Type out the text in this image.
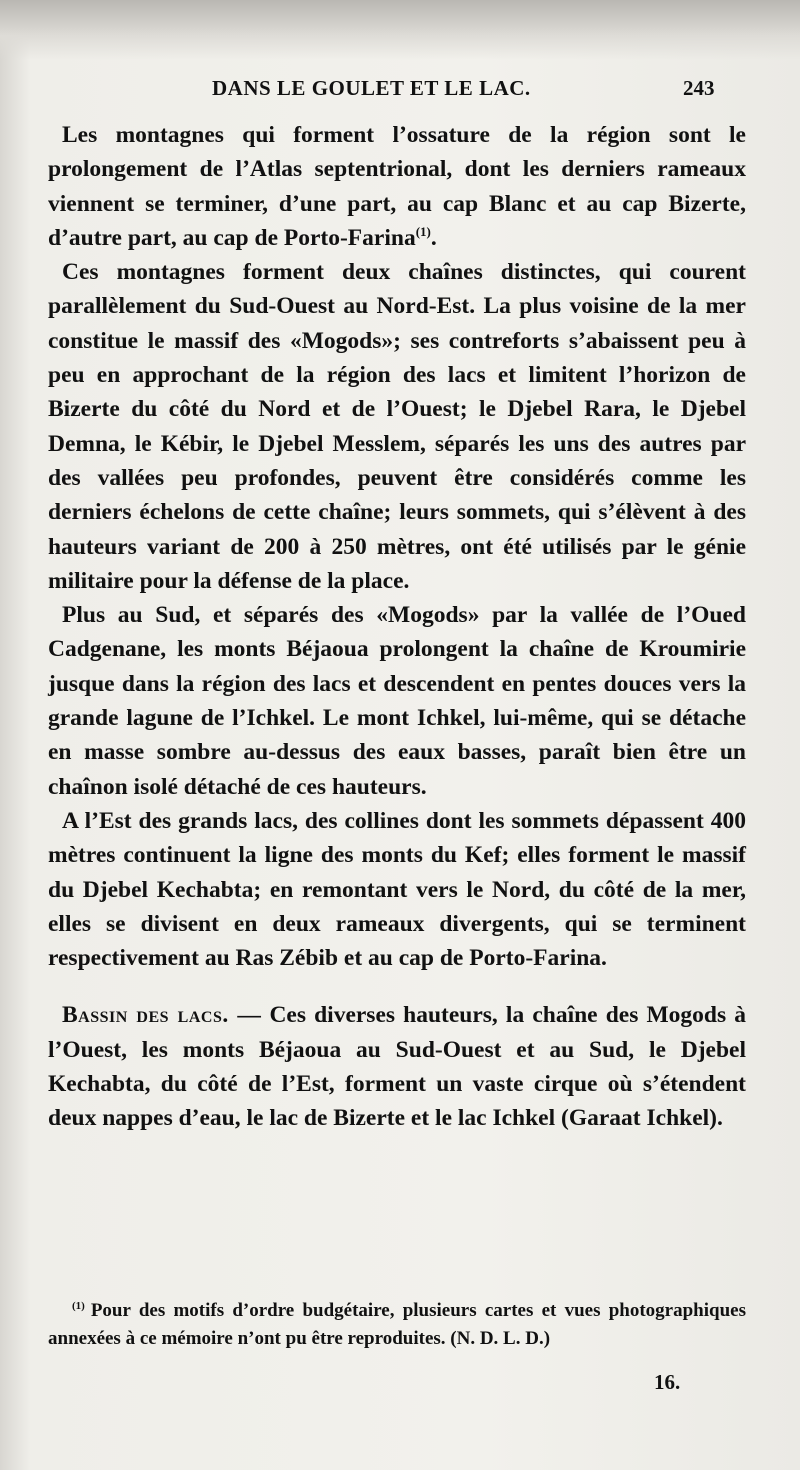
DANS LE GOULET ET LE LAC.	243

Les montagnes qui forment l’ossature de la région sont le prolongement de l’Atlas septentrional, dont les derniers rameaux viennent se terminer, d’une part, au cap Blanc et au cap Bizerte, d’autre part, au cap de Porto-Farina$^{(1)}$.

Ces montagnes forment deux chaînes distinctes, qui courent parallèlement du Sud-Ouest au Nord-Est. La plus voisine de la mer constitue le massif des «Mogods»; ses contreforts s’abaissent peu à peu en approchant de la région des lacs et limitent l’horizon de Bizerte du côté du Nord et de l’Ouest; le Djebel Rara, le Djebel Demna, le Kébir, le Djebel Messlem, séparés les uns des autres par des vallées peu profondes, peuvent être considérés comme les derniers échelons de cette chaîne; leurs sommets, qui s’élèvent à des hauteurs variant de 200 à 250 mètres, ont été utilisés par le génie militaire pour la défense de la place.

Plus au Sud, et séparés des «Mogods» par la vallée de l’Oued Cadgenane, les monts Béjaoua prolongent la chaîne de Kroumirie jusque dans la région des lacs et descendent en pentes douces vers la grande lagune de l’Ichkel. Le mont Ichkel, lui-même, qui se détache en masse sombre au-dessus des eaux basses, paraît bien être un chaînon isolé détaché de ces hauteurs.

A l’Est des grands lacs, des collines dont les sommets dépassent 400 mètres continuent la ligne des monts du Kef; elles forment le massif du Djebel Kechabta; en remontant vers le Nord, du côté de la mer, elles se divisent en deux rameaux divergents, qui se terminent respectivement au Ras Zébib et au cap de Porto-Farina.

Bassin des lacs. — Ces diverses hauteurs, la chaîne des Mogods à l’Ouest, les monts Béjaoua au Sud-Ouest et au Sud, le Djebel Kechabta, du côté de l’Est, forment un vaste cirque où s’étendent deux nappes d’eau, le lac de Bizerte et le lac Ichkel (Garaat Ichkel).

$^{(1)}$ Pour des motifs d’ordre budgétaire, plusieurs cartes et vues photographiques annexées à ce mémoire n’ont pu être reproduites. (N. D. L. D.)
16.
